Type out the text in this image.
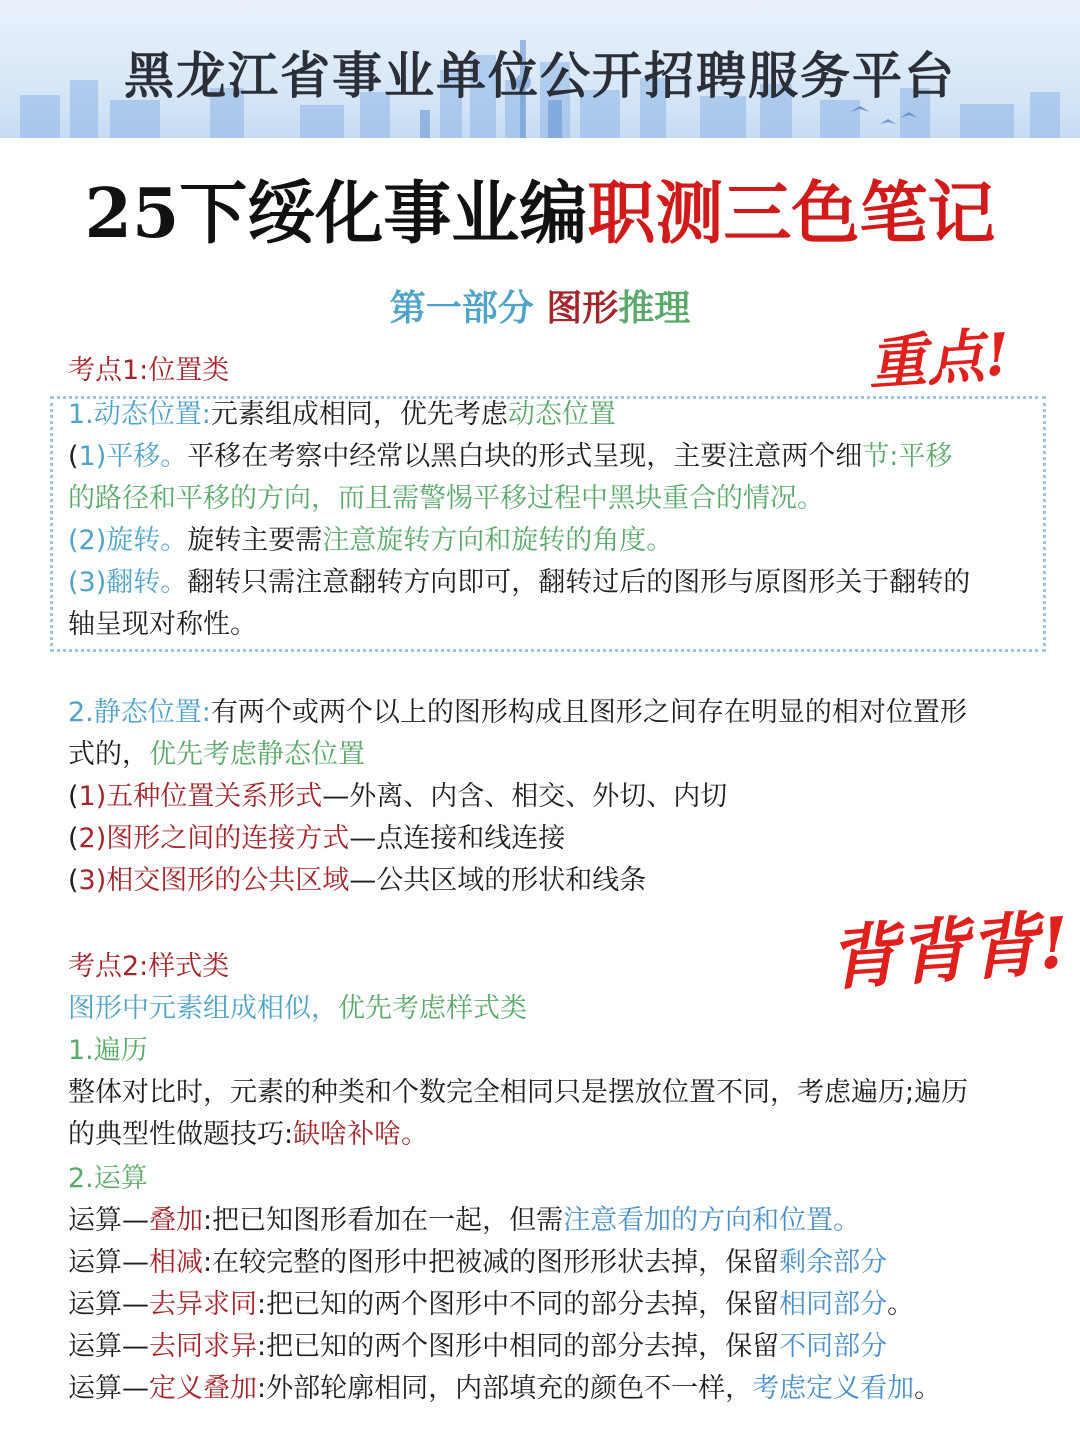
黑龙江省事业单位公开招聘服务平台
25下绥化事业编职测三色笔记
第一部分 图形推理
重点!
背背背!
考点1:位置类
1.动态位置:元素组成相同，优先考虑动态位置
(1)平移。平移在考察中经常以黑白块的形式呈现，主要注意两个细节:平移
的路径和平移的方向，而且需警惕平移过程中黑块重合的情况。
(2)旋转。旋转主要需注意旋转方向和旋转的角度。
(3)翻转。翻转只需注意翻转方向即可，翻转过后的图形与原图形关于翻转的
轴呈现对称性。
2.静态位置:有两个或两个以上的图形构成且图形之间存在明显的相对位置形
式的，优先考虑静态位置
(1)五种位置关系形式—外离、内含、相交、外切、内切
(2)图形之间的连接方式—点连接和线连接
(3)相交图形的公共区域—公共区域的形状和线条
考点2:样式类
图形中元素组成相似，优先考虑样式类
1.遍历
整体对比时，元素的种类和个数完全相同只是摆放位置不同，考虑遍历;遍历
的典型性做题技巧:缺啥补啥。
2.运算
运算—叠加:把已知图形看加在一起，但需注意看加的方向和位置。
运算—相减:在较完整的图形中把被减的图形形状去掉，保留剩余部分
运算—去异求同:把已知的两个图形中不同的部分去掉，保留相同部分。
运算—去同求异:把已知的两个图形中相同的部分去掉，保留不同部分
运算—定义叠加:外部轮廓相同，内部填充的颜色不一样，考虑定义看加。
